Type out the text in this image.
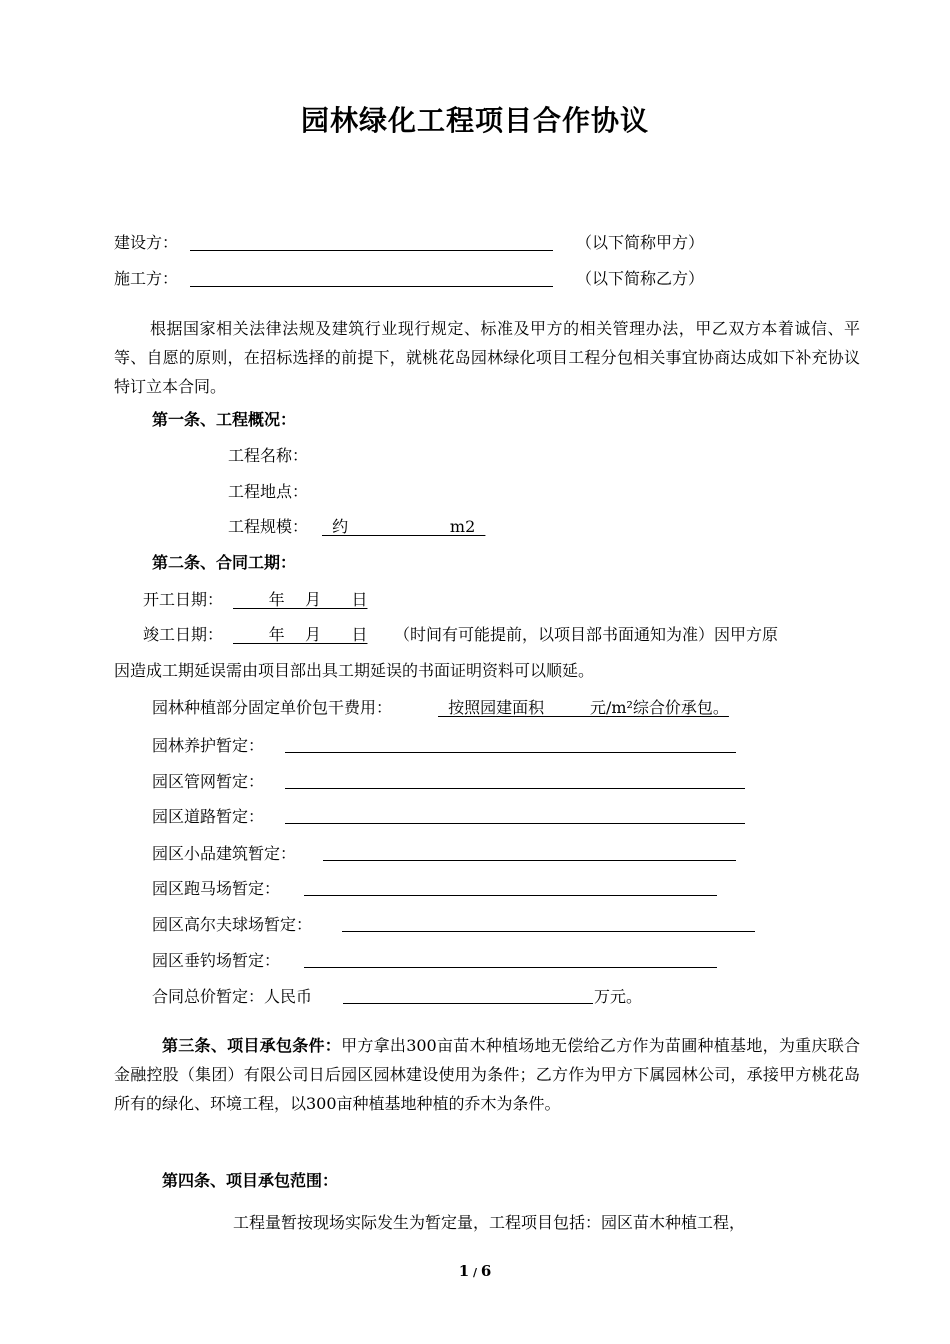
园林绿化工程项目合作协议
建设方：	（以下简称甲方）
施工方：	（以下简称乙方）
根据国家相关法律法规及建筑行业现行规定、标准及甲方的相关管理办法，甲乙双方本着诚信、平等、自愿的原则，在招标选择的前提下，就桃花岛园林绿化项目工程分包相关事宜协商达成如下补充协议特订立本合同。
第一条、工程概况：
工程名称：
工程地点：
工程规模： 约                    m2
第二条、合同工期：
开工日期： 年    月      日
竣工日期： 年    月      日 （时间有可能提前，以项目部书面通知为准）因甲方原
因造成工期延误需由项目部出具工期延误的书面证明资料可以顺延。
园林种植部分固定单价包干费用：	按照园建面积         元/m²综合价承包。
园林养护暂定：
园区管网暂定：
园区道路暂定：
园区小品建筑暂定：
园区跑马场暂定：
园区高尔夫球场暂定：
园区垂钓场暂定：
合同总价暂定：人民币	万元。
第三条、项目承包条件：甲方拿出300亩苗木种植场地无偿给乙方作为苗圃种植基地，为重庆联合金融控股（集团）有限公司日后园区园林建设使用为条件；乙方作为甲方下属园林公司，承接甲方桃花岛所有的绿化、环境工程，以300亩种植基地种植的乔木为条件。
第四条、项目承包范围：
工程量暂按现场实际发生为暂定量，工程项目包括：园区苗木种植工程，
1 / 6
